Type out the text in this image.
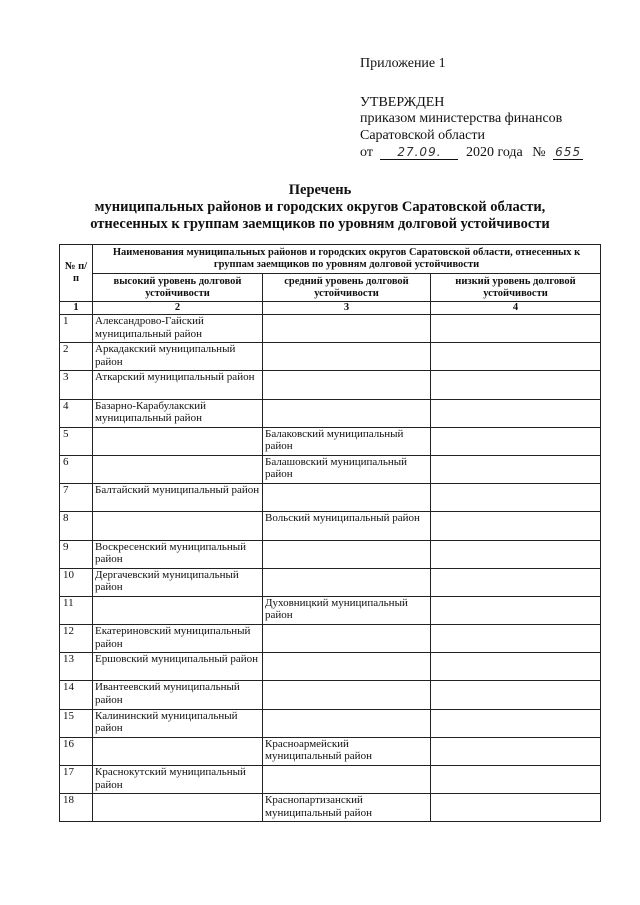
Приложение 1
УТВЕРЖДЕН
приказом министерства финансов
Саратовской области
от 27.09. 2020 года № 655
Перечень
муниципальных районов и городских округов Саратовской области,
отнесенных к группам заемщиков по уровням долговой устойчивости
№ п/п	Наименования муниципальных районов и городских округов Саратовской области, отнесенных к группам заемщиков по уровням долговой устойчивости		
	высокий уровень долговой устойчивости	средний уровень долговой устойчивости	низкий уровень долговой устойчивости
1	2	3	4
1	Александрово-Гайский муниципальный район		
2	Аркадакский муниципальный район		
3	Аткарский муниципальный район		
4	Базарно-Карабулакский муниципальный район		
5		Балаковский муниципальный район	
6		Балашовский муниципальный район	
7	Балтайский муниципальный район		
8		Вольский муниципальный район	
9	Воскресенский муниципальный район		
10	Дергачевский муниципальный район		
11		Духовницкий муниципальный район	
12	Екатериновский муниципальный район		
13	Ершовский муниципальный район		
14	Ивантеевский муниципальный район		
15	Калининский муниципальный район		
16		Красноармейский муниципальный район	
17	Краснокутский муниципальный район		
18		Краснопартизанский муниципальный район	
